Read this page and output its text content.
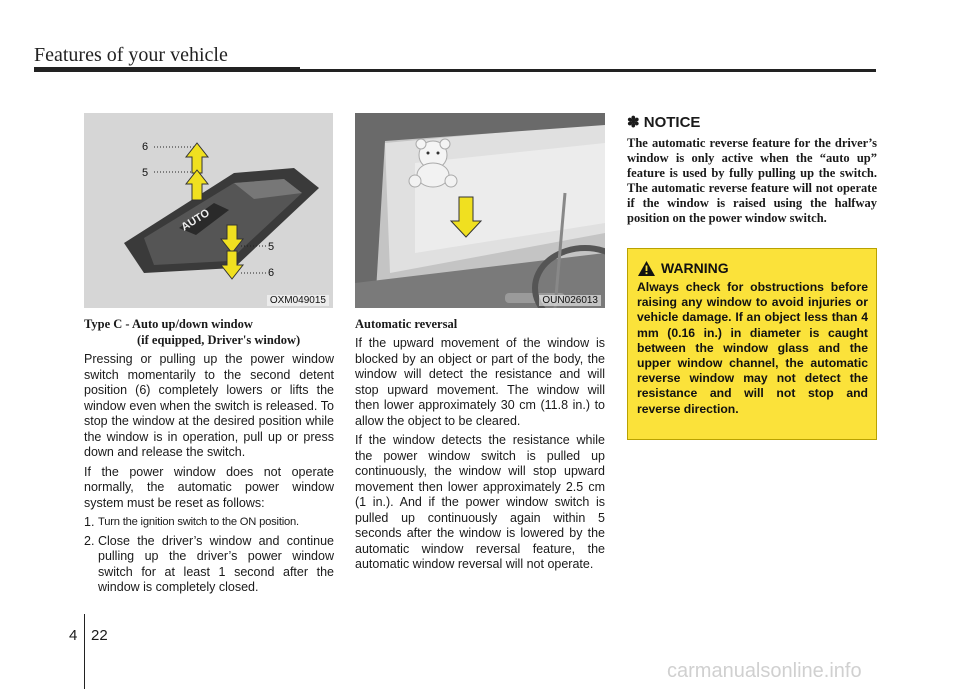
Features of your vehicle
AUTO
6
5
5
6
OXM049015	OUN026013
Type C - Auto up/down window
(if equipped, Driver's window)

Pressing or pulling up the power window switch momentarily to the second detent position (6) completely lowers or lifts the window even when the switch is released. To stop the window at the desired position while the window is in operation, pull up or press down and release the switch.

If the power window does not operate normally, the automatic power window system must be reset as follows:

1. Turn the ignition switch to the ON position.
2. Close the driver’s window and continue pulling up the driver’s power window switch for at least 1 second after the window is completely closed.
Automatic reversal

If the upward movement of the window is blocked by an object or part of the body, the window will detect the resistance and will stop upward movement. The window will then lower approximately 30 cm (11.8 in.) to allow the object to be cleared.

If the window detects the resistance while the power window switch is pulled up continuously, the window will stop upward movement then lower approximately 2.5 cm (1 in.). And if the power window switch is pulled up continuously again within 5 seconds after the window is lowered by the automatic window reversal feature, the automatic window reversal will not operate.

✽ NOTICE
The automatic reverse feature for the driver’s window is only active when the “auto up” feature is used by fully pulling up the switch. The automatic reverse feature will not operate if the window is raised using the halfway position on the power window switch.
WARNING
Always check for obstructions before raising any window to avoid injuries or vehicle damage. If an object less than 4 mm (0.16 in.) in diameter is caught between the window glass and the upper window channel, the automatic reverse window may not detect the resistance and will not stop and reverse direction.
4 22
carmanualsonline.info
